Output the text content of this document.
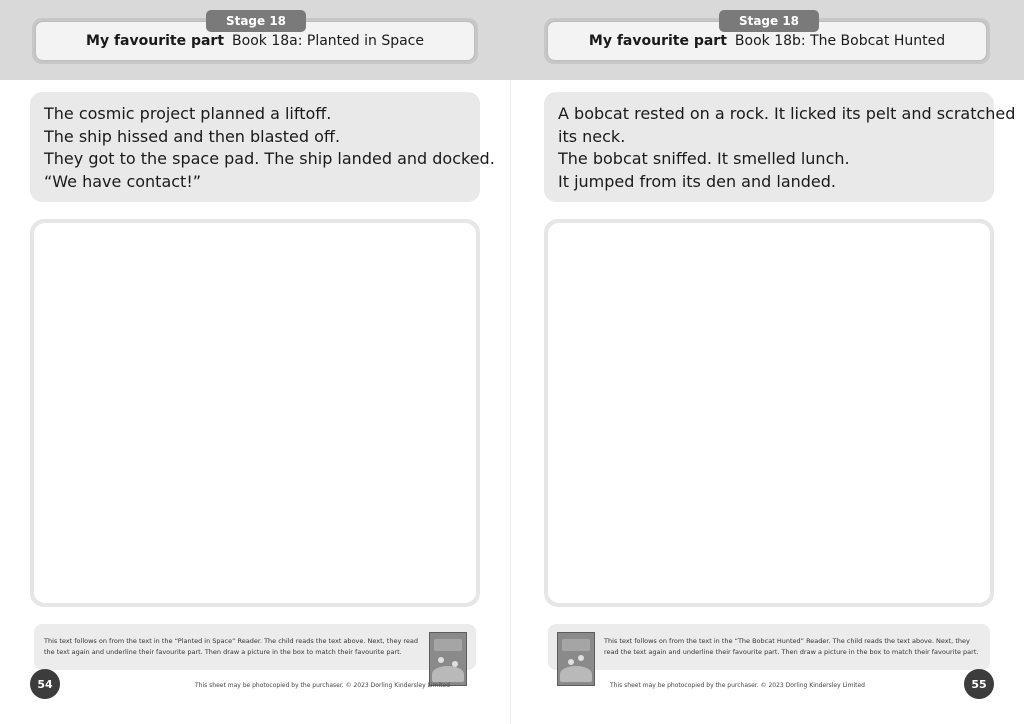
Stage 18
My favourite part Book 18a: Planted in Space
The cosmic project planned a liftoff.
The ship hissed and then blasted off.
They got to the space pad. The ship landed and docked.
“We have contact!”
This text follows on from the text in the “Planted in Space” Reader. The child reads the text above. Next, they read the text again and underline their favourite part. Then draw a picture in the box to match their favourite part.
54	This sheet may be photocopied by the purchaser. © 2023 Dorling Kindersley Limited
Stage 18
My favourite part Book 18b: The Bobcat Hunted
A bobcat rested on a rock. It licked its pelt and scratched
its neck.
The bobcat sniffed. It smelled lunch.
It jumped from its den and landed.
This text follows on from the text in the “The Bobcat Hunted” Reader. The child reads the text above. Next, they read the text again and underline their favourite part. Then draw a picture in the box to match their favourite part.
55
This sheet may be photocopied by the purchaser. © 2023 Dorling Kindersley Limited
